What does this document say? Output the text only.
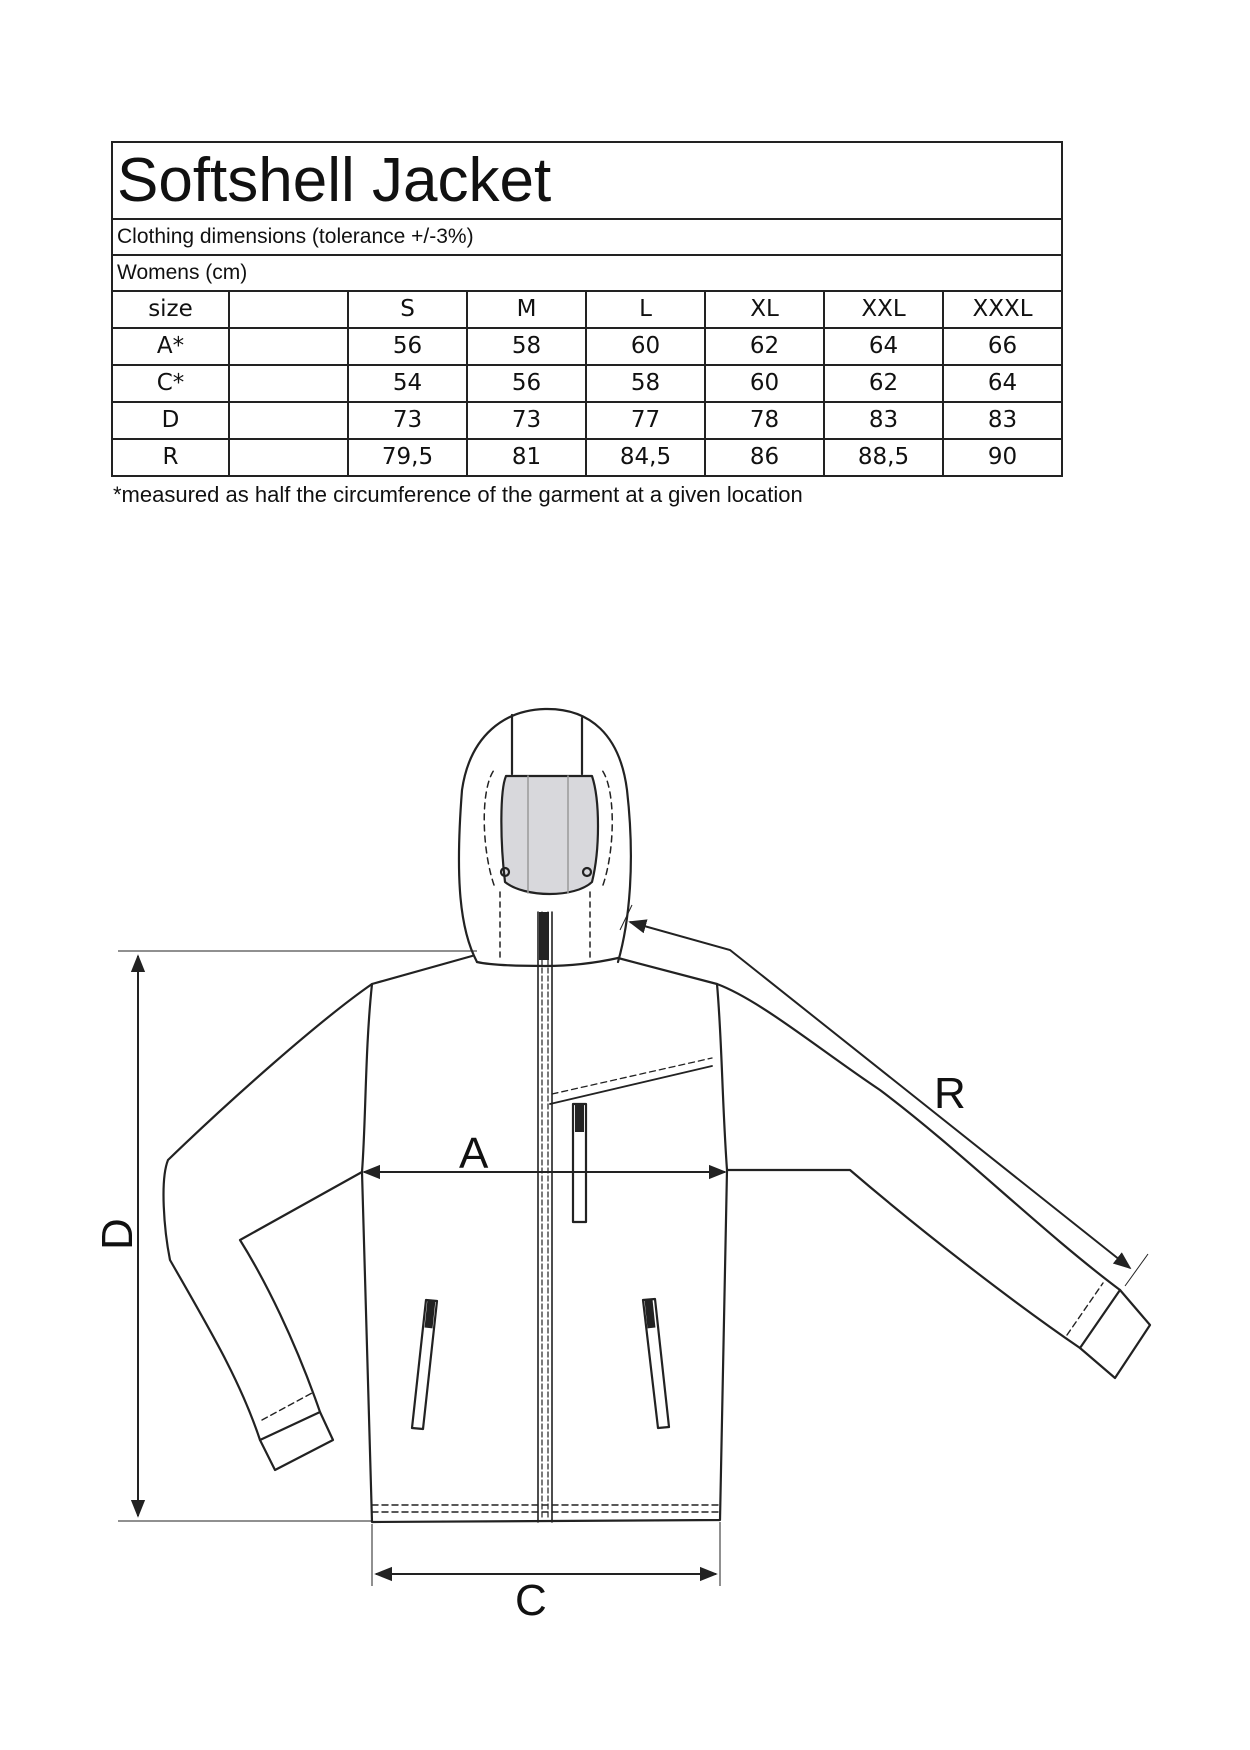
Softshell Jacket							
Clothing dimensions (tolerance +/-3%)							
Womens (cm)							
size		S	M	L	XL	XXL	XXXL
A*		56	58	60	62	64	66
C*		54	56	58	60	62	64
D		73	73	77	78	83	83
R		79,5	81	84,5	86	88,5	90
*measured as half the circumference of the garment at a given location
A
C
D
R
